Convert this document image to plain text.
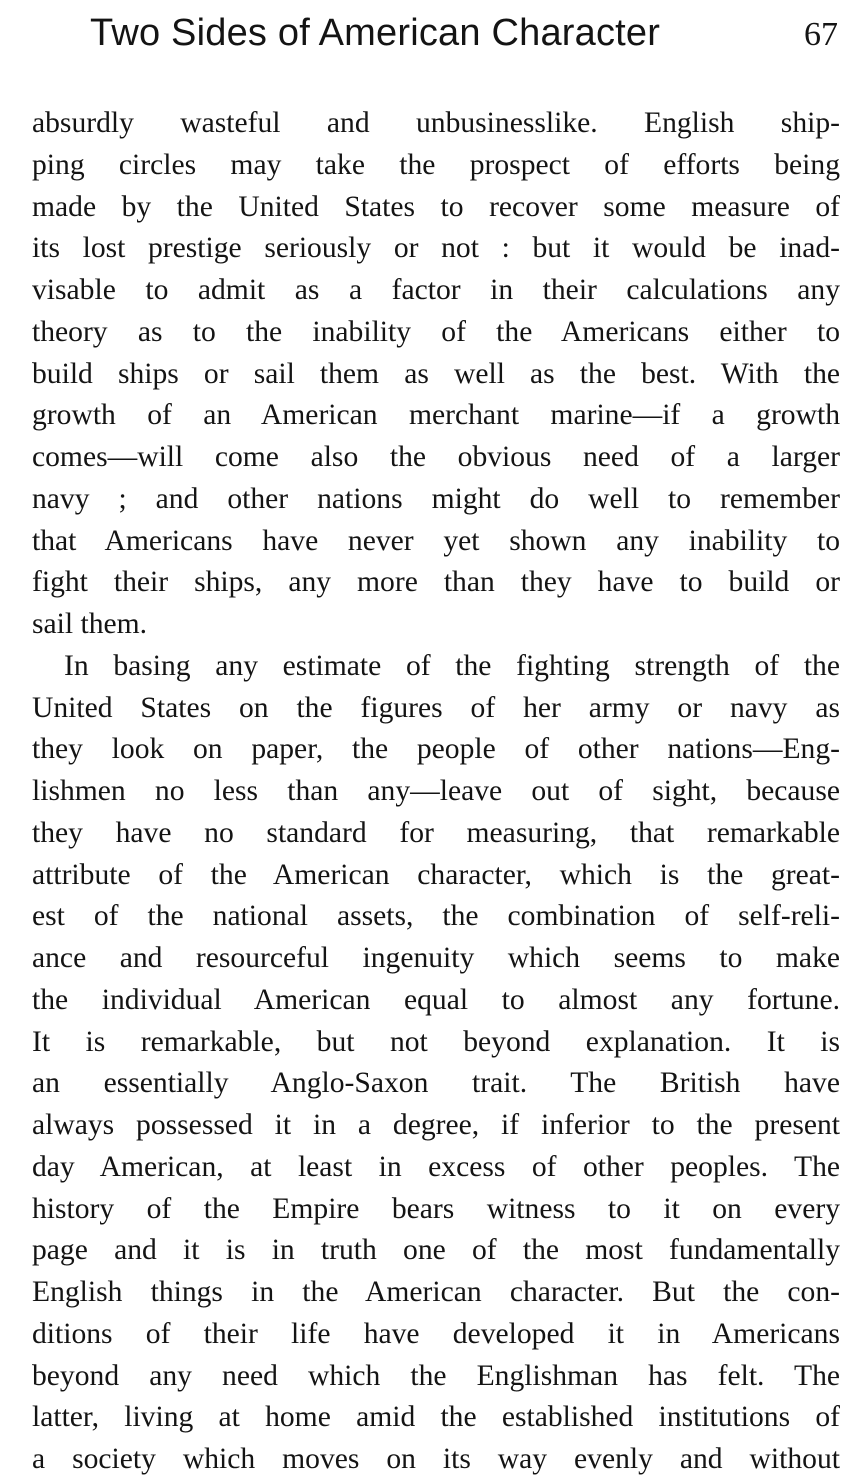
Two Sides of American Character	67
absurdly wasteful and unbusinesslike. English ship-
ping circles may take the prospect of efforts being
made by the United States to recover some measure of
its lost prestige seriously or not : but it would be inad-
visable to admit as a factor in their calculations any
theory as to the inability of the Americans either to
build ships or sail them as well as the best. With the
growth of an American merchant marine—if a growth
comes—will come also the obvious need of a larger
navy ; and other nations might do well to remember
that Americans have never yet shown any inability to
fight their ships, any more than they have to build or
sail them.
In basing any estimate of the fighting strength of the
United States on the figures of her army or navy as
they look on paper, the people of other nations—Eng-
lishmen no less than any—leave out of sight, because
they have no standard for measuring, that remarkable
attribute of the American character, which is the great-
est of the national assets, the combination of self-reli-
ance and resourceful ingenuity which seems to make
the individual American equal to almost any fortune.
It is remarkable, but not beyond explanation. It is
an essentially Anglo-Saxon trait. The British have
always possessed it in a degree, if inferior to the present
day American, at least in excess of other peoples. The
history of the Empire bears witness to it on every
page and it is in truth one of the most fundamentally
English things in the American character. But the con-
ditions of their life have developed it in Americans
beyond any need which the Englishman has felt. The
latter, living at home amid the established institutions of
a society which moves on its way evenly and without
